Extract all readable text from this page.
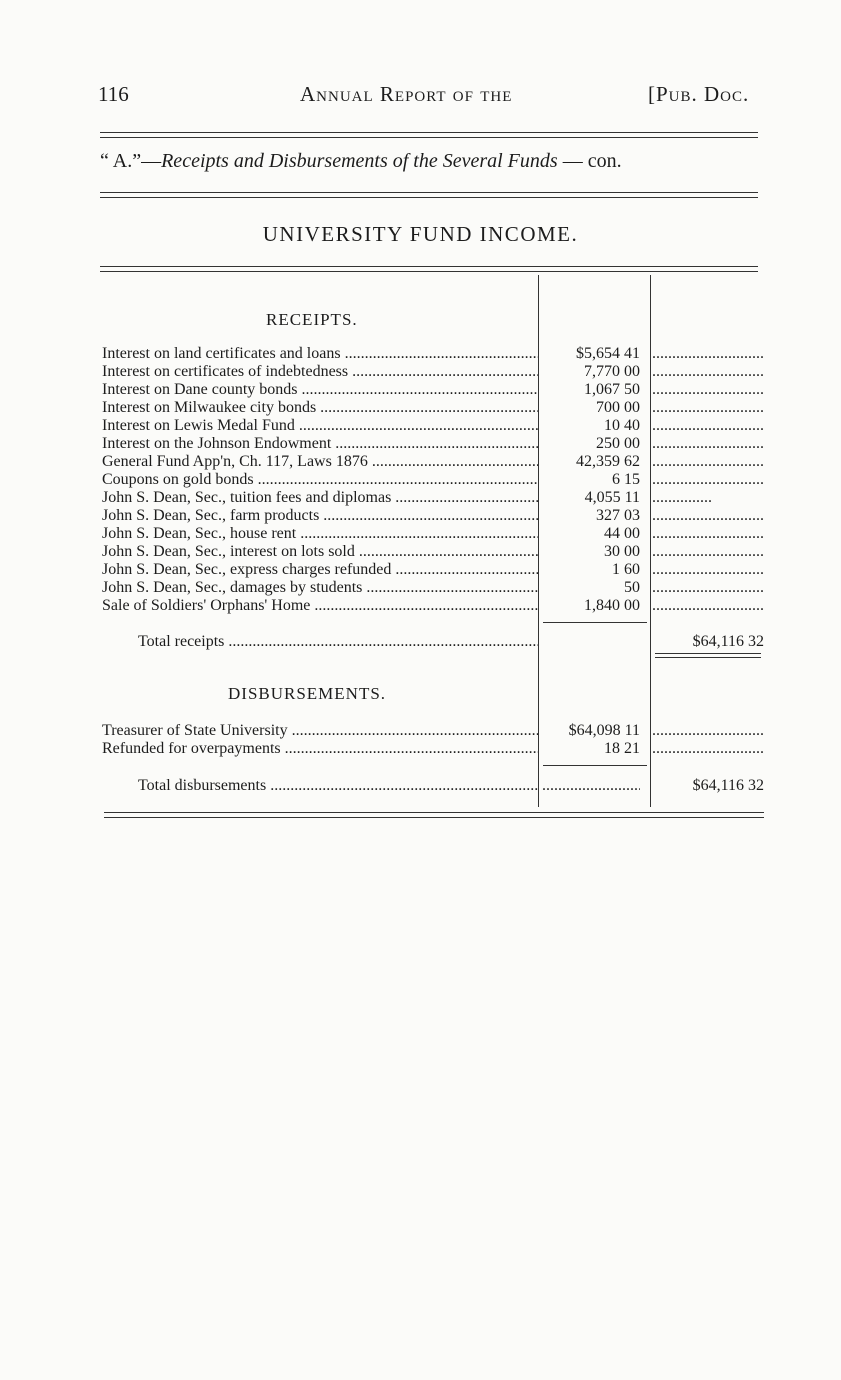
116	Annual Report of the	[Pub. Doc.
“ A.”—Receipts and Disbursements of the Several Funds — con.
UNIVERSITY FUND INCOME.
RECEIPTS.
Interest on land certificates and loans .....	$5,654 41
.....
Interest on certificates of indebtedness .....	7,770 00
.....
Interest on Dane county bonds .....	1,067 50
.....
Interest on Milwaukee city bonds .....	700 00
.....
Interest on Lewis Medal Fund .....	10 40
.....
Interest on the Johnson Endowment .....	250 00
.....
General Fund App'n, Ch. 117, Laws 1876 .....	42,359 62
.....
Coupons on gold bonds .....	6 15
.....
John S. Dean, Sec., tuition fees and diplomas .....	4,055 11
.....
John S. Dean, Sec., farm products .....	327 03
.....
John S. Dean, Sec., house rent .....	44 00
.....
John S. Dean, Sec., interest on lots sold .....	30 00
.....
John S. Dean, Sec., express charges refunded .....	1 60
.....
John S. Dean, Sec., damages by students .....	50
.....
Sale of Soldiers' Orphans' Home .....	1,840 00
.....
Total receipts .....	$64,116 32
DISBURSEMENTS.
Treasurer of State University .....	$64,098 11
.....
Refunded for overpayments .....	18 21
.....
Total disbursements .....
.....	$64,116 32
